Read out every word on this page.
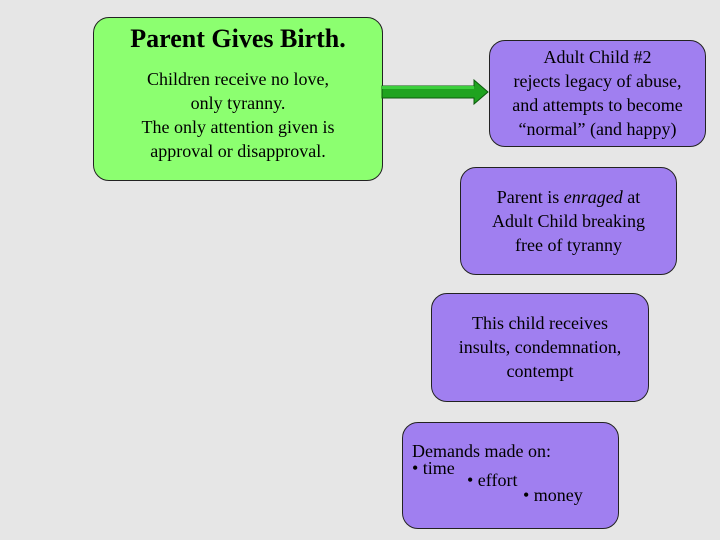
Parent Gives Birth.
Children receive no love,
only tyranny.
The only attention given is
approval or disapproval.
Adult Child #2
rejects legacy of abuse,
and attempts to become
“normal” (and happy)
Parent is enraged at
Adult Child breaking
free of tyranny
This child receives
insults, condemnation,
contempt
Demands made on:
• time
• effort
• money
